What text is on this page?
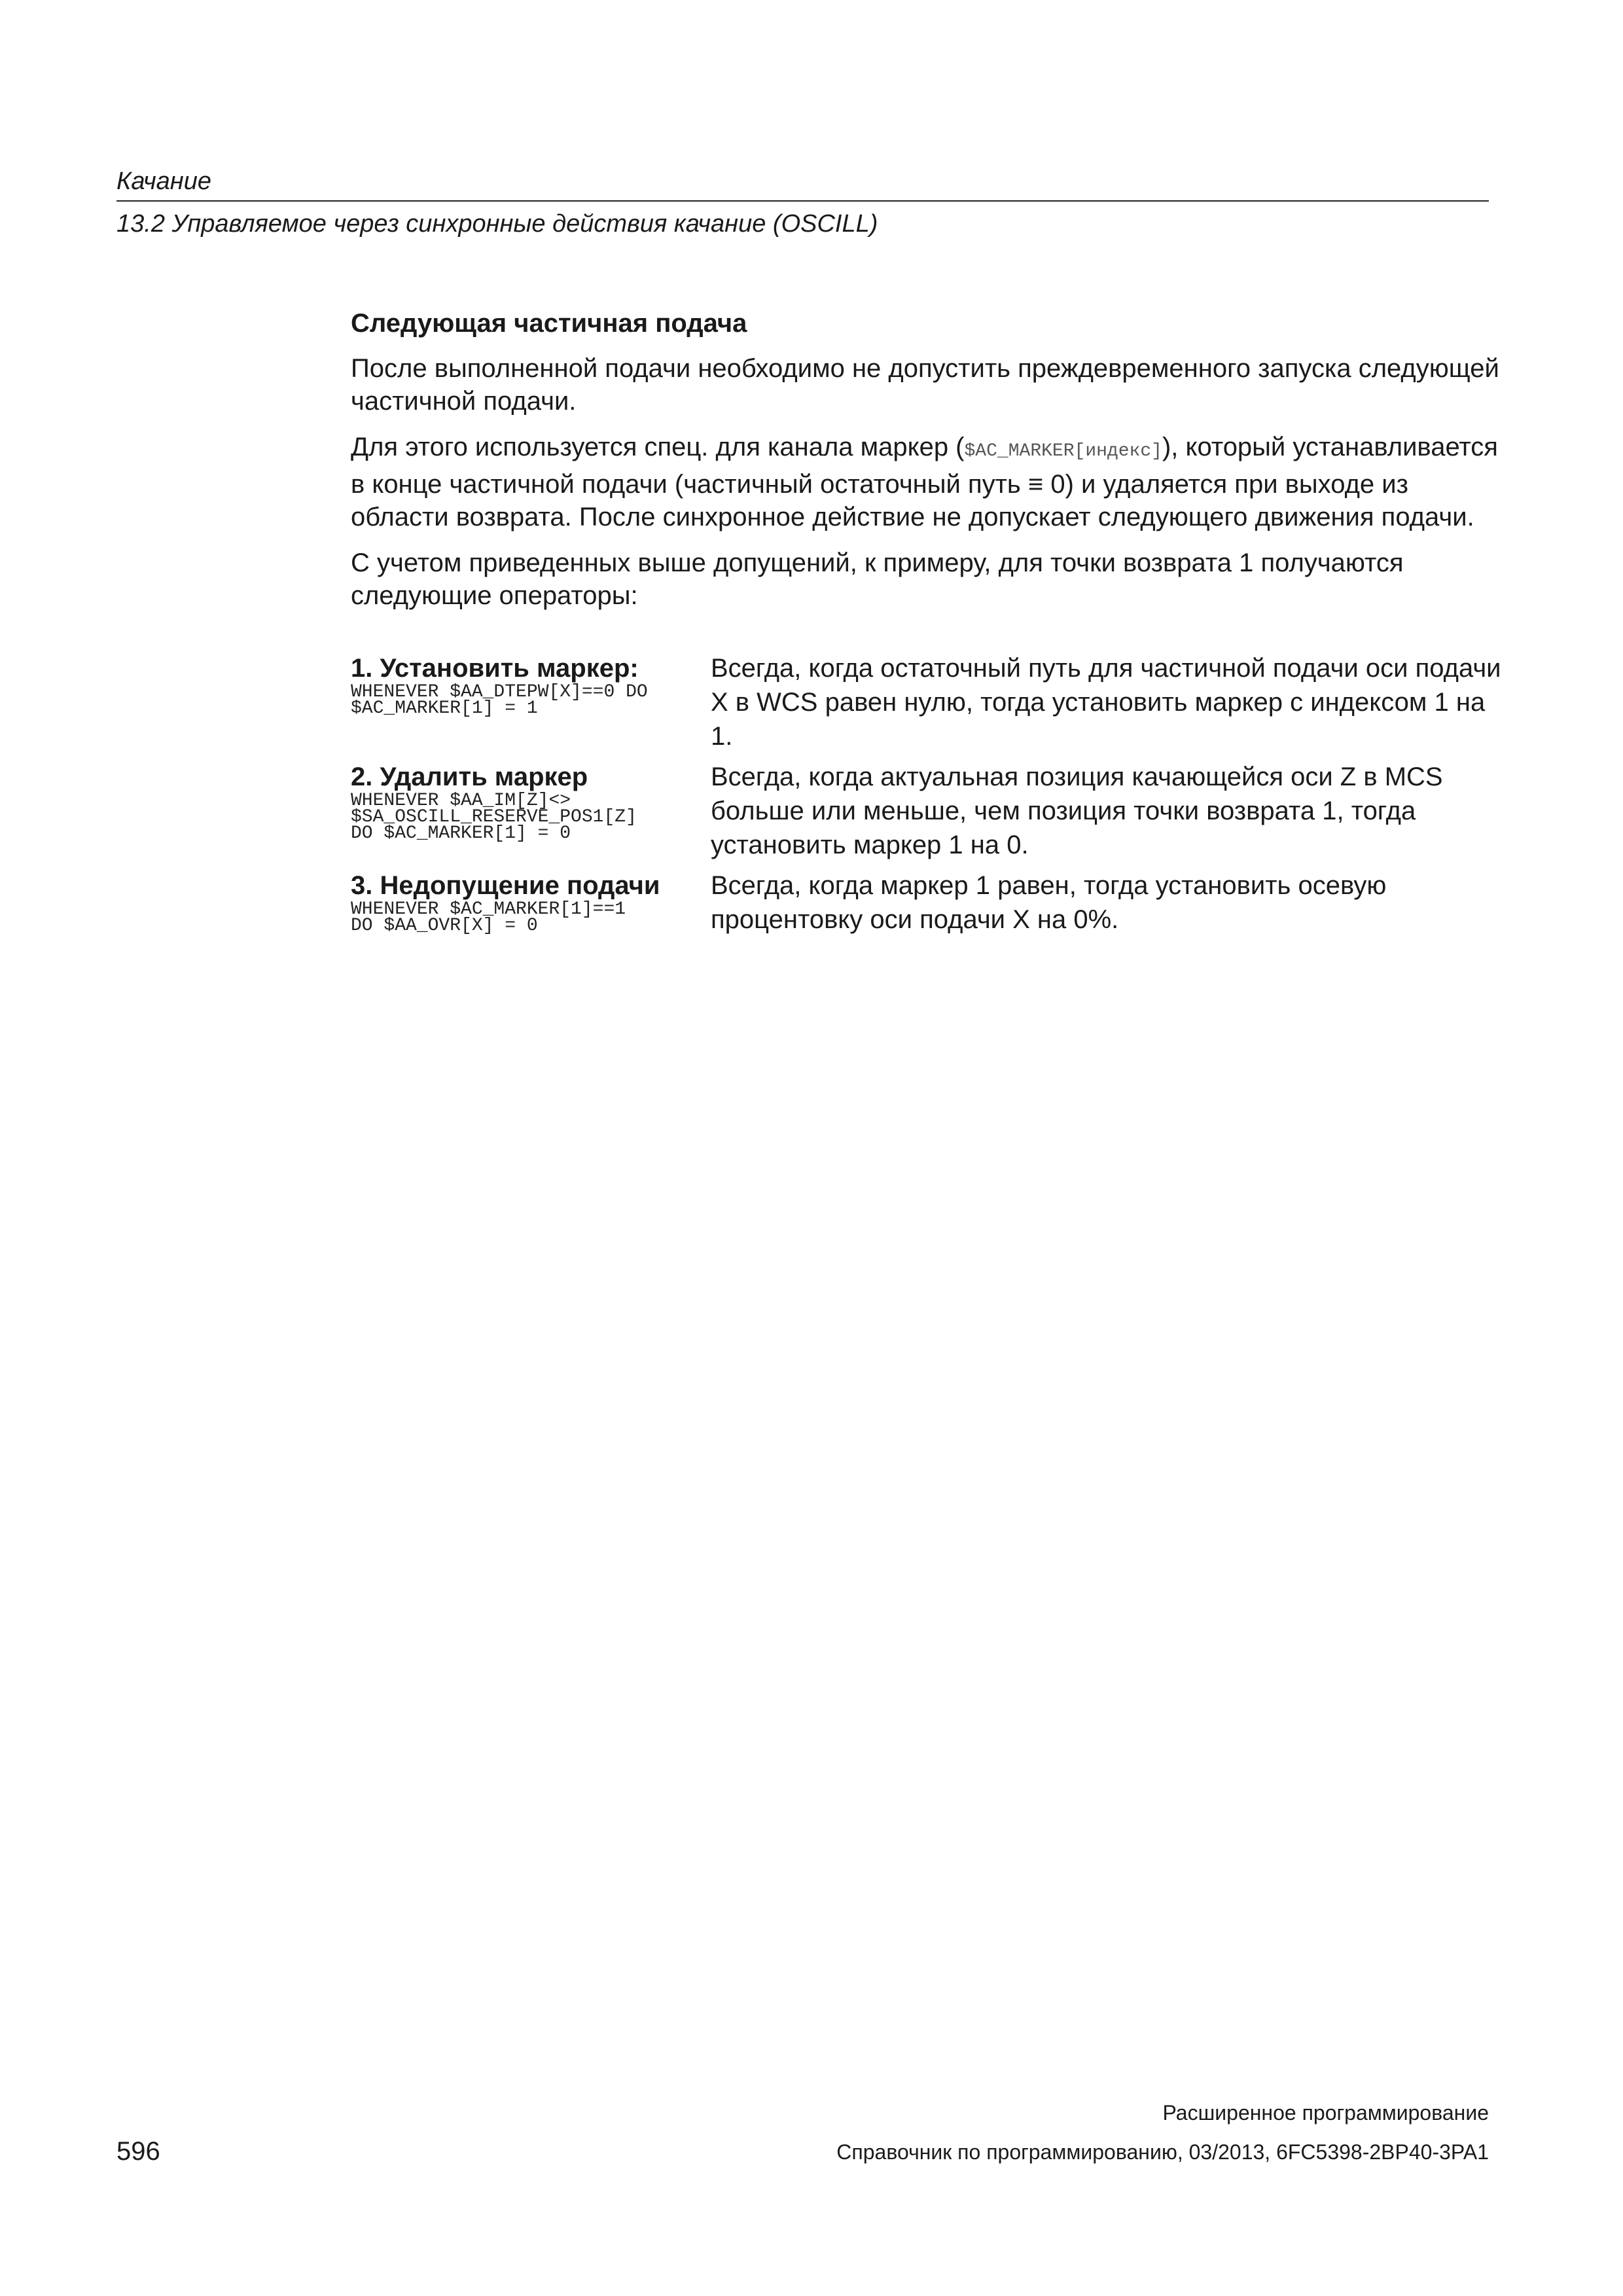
Качание
13.2 Управляемое через синхронные действия качание (OSCILL)
Следующая частичная подача

После выполненной подачи необходимо не допустить преждевременного запуска следующей частичной подачи.

Для этого используется спец. для канала маркер ($AC_MARKER[индекс]), который устанавливается в конце частичной подачи (частичный остаточный путь ≡ 0) и удаляется при выходе из области возврата. После синхронное действие не допускает следующего движения подачи.

С учетом приведенных выше допущений, к примеру, для точки возврата 1 получаются следующие операторы:

1. Установить маркер:
WHENEVER $AA_DTEPW[X]==0 DO
$AC_MARKER[1] = 1
Всегда, когда остаточный путь для частичной подачи оси подачи X в WCS равен нулю, тогда установить маркер с индексом 1 на 1.
2. Удалить маркер
WHENEVER $AA_IM[Z]<>
$SA_OSCILL_RESERVE_POS1[Z]
DO $AC_MARKER[1] = 0
Всегда, когда актуальная позиция качающейся оси Z в MCS больше или меньше, чем позиция точки возврата 1, тогда установить маркер 1 на 0.
3. Недопущение подачи
WHENEVER $AC_MARKER[1]==1
DO $AA_OVR[X] = 0
Всегда, когда маркер 1 равен, тогда установить осевую процентовку оси подачи X на 0%.
Расширенное программирование
596	Справочник по программированию, 03/2013, 6FC5398-2BP40-3PA1
